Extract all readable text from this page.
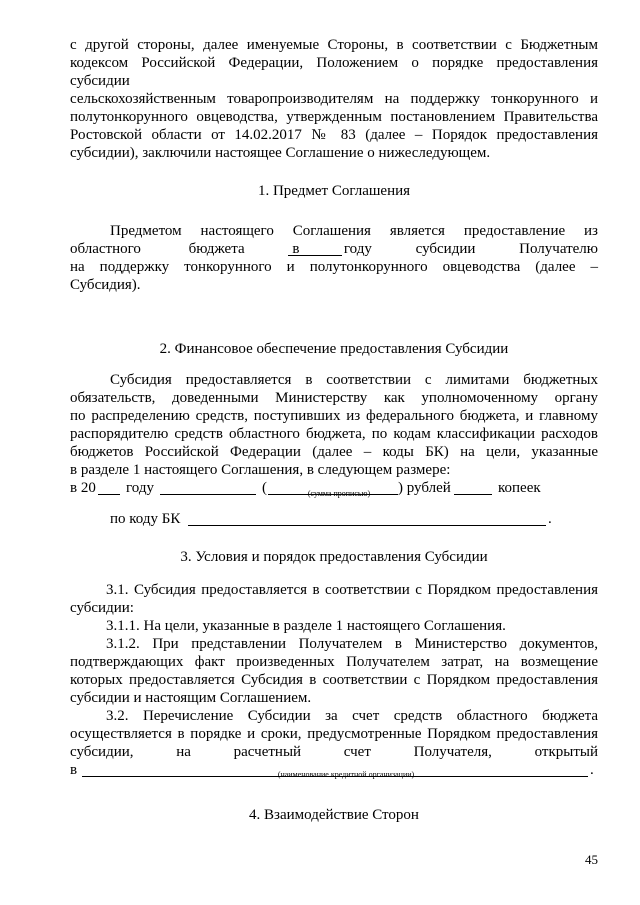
с другой стороны, далее именуемые Стороны, в соответствии с Бюджетным
кодексом Российской Федерации, Положением о порядке предоставления
субсидии
сельскохозяйственным товаропроизводителям на поддержку тонкорунного и
полутонкорунного овцеводства, утвержденным постановлением Правительства
Ростовской области от 14.02.2017 № 83 (далее – Порядок предоставления
субсидии), заключили настоящее Соглашение о нижеследующем.
1. Предмет Соглашения
Предметом настоящего Соглашения является предоставление из
областного бюджета в	году субсидии Получателю
на поддержку тонкорунного и полутонкорунного овцеводства (далее –
Субсидия).
2. Финансовое обеспечение предоставления Субсидии
Субсидия предоставляется в соответствии с лимитами бюджетных
обязательств, доведенными Министерству как уполномоченному органу
по распределению средств, поступивших из федерального бюджета, и главному
распорядителю средств областного бюджета, по кодам классификации расходов
бюджетов Российской Федерации (далее – коды БК) на цели, указанные
в разделе 1 настоящего Соглашения, в следующем размере:
в 20 году	(	) рублей	копеек
(сумма прописью)
по коду БК	.
3. Условия и порядок предоставления Субсидии
3.1. Субсидия предоставляется в соответствии с Порядком предоставления
субсидии:
3.1.1. На цели, указанные в разделе 1 настоящего Соглашения.
3.1.2. При представлении Получателем в Министерство документов,
подтверждающих факт произведенных Получателем затрат, на возмещение
которых предоставляется Субсидия в соответствии с Порядком предоставления
субсидии и настоящим Соглашением.
3.2. Перечисление Субсидии за счет средств областного бюджета
осуществляется в порядке и сроки, предусмотренные Порядком предоставления
субсидии, на расчетный счет Получателя, открытый
в	.
(наименование кредитной организации)
4. Взаимодействие Сторон
45
